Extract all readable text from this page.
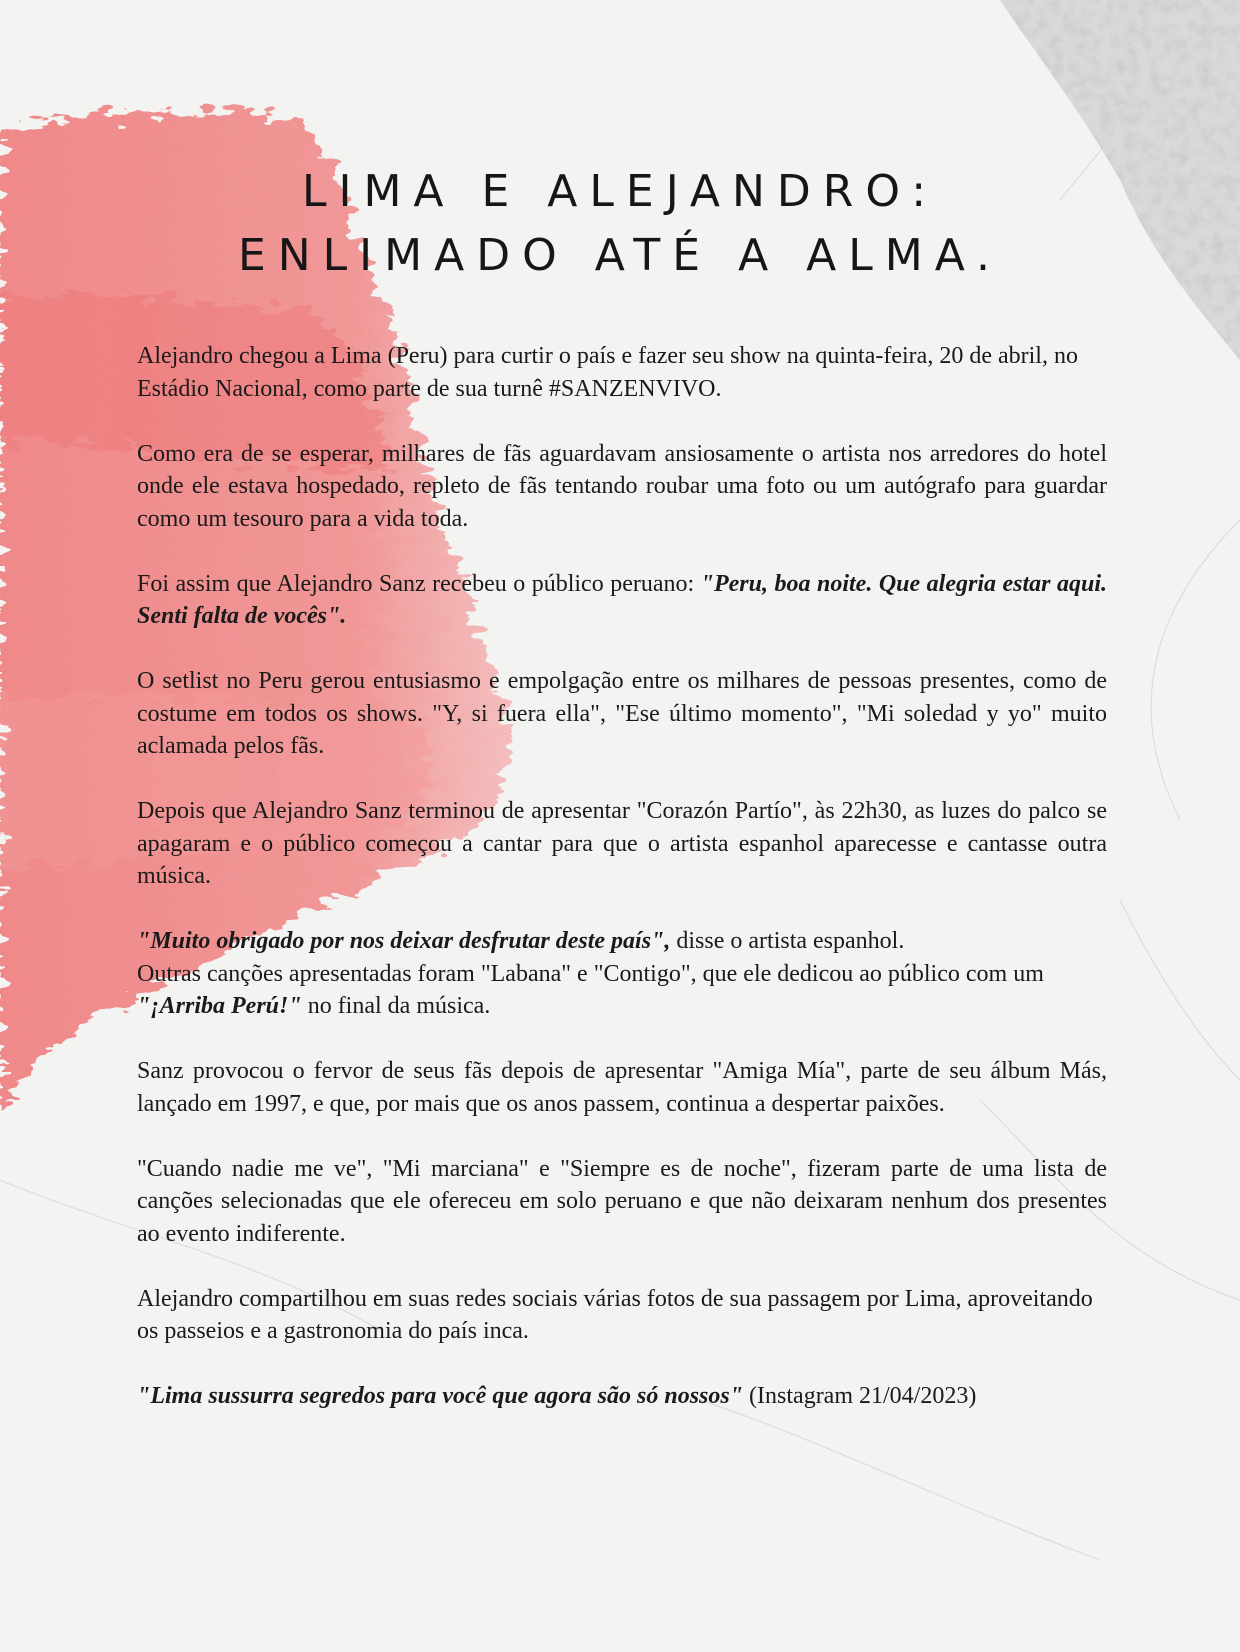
LIMA E ALEJANDRO:
ENLIMADO ATÉ A ALMA.

Alejandro chegou a Lima (Peru) para curtir o país e fazer seu show na quinta-feira, 20 de abril, no Estádio Nacional, como parte de sua turnê #SANZENVIVO.

Como era de se esperar, milhares de fãs aguardavam ansiosamente o artista nos arredores do hotel onde ele estava hospedado, repleto de fãs tentando roubar uma foto ou um autógrafo para guardar como um tesouro para a vida toda.

Foi assim que Alejandro Sanz recebeu o público peruano: "Peru, boa noite. Que alegria estar aqui. Senti falta de vocês".

O setlist no Peru gerou entusiasmo e empolgação entre os milhares de pessoas presentes, como de costume em todos os shows. "Y, si fuera ella", "Ese último momento", "Mi soledad y yo" muito aclamada pelos fãs.

Depois que Alejandro Sanz terminou de apresentar "Corazón Partío", às 22h30, as luzes do palco se apagaram e o público começou a cantar para que o artista espanhol aparecesse e cantasse outra música.

"Muito obrigado por nos deixar desfrutar deste país", disse o artista espanhol.
Outras canções apresentadas foram "Labana" e "Contigo", que ele dedicou ao público com um "¡Arriba Perú!" no final da música.

Sanz provocou o fervor de seus fãs depois de apresentar "Amiga Mía", parte de seu álbum Más, lançado em 1997, e que, por mais que os anos passem, continua a despertar paixões.

"Cuando nadie me ve", "Mi marciana" e "Siempre es de noche", fizeram parte de uma lista de canções selecionadas que ele ofereceu em solo peruano e que não deixaram nenhum dos presentes ao evento indiferente.

Alejandro compartilhou em suas redes sociais várias fotos de sua passagem por Lima, aproveitando os passeios e a gastronomia do país inca.

"Lima sussurra segredos para você que agora são só nossos" (Instagram 21/04/2023)
